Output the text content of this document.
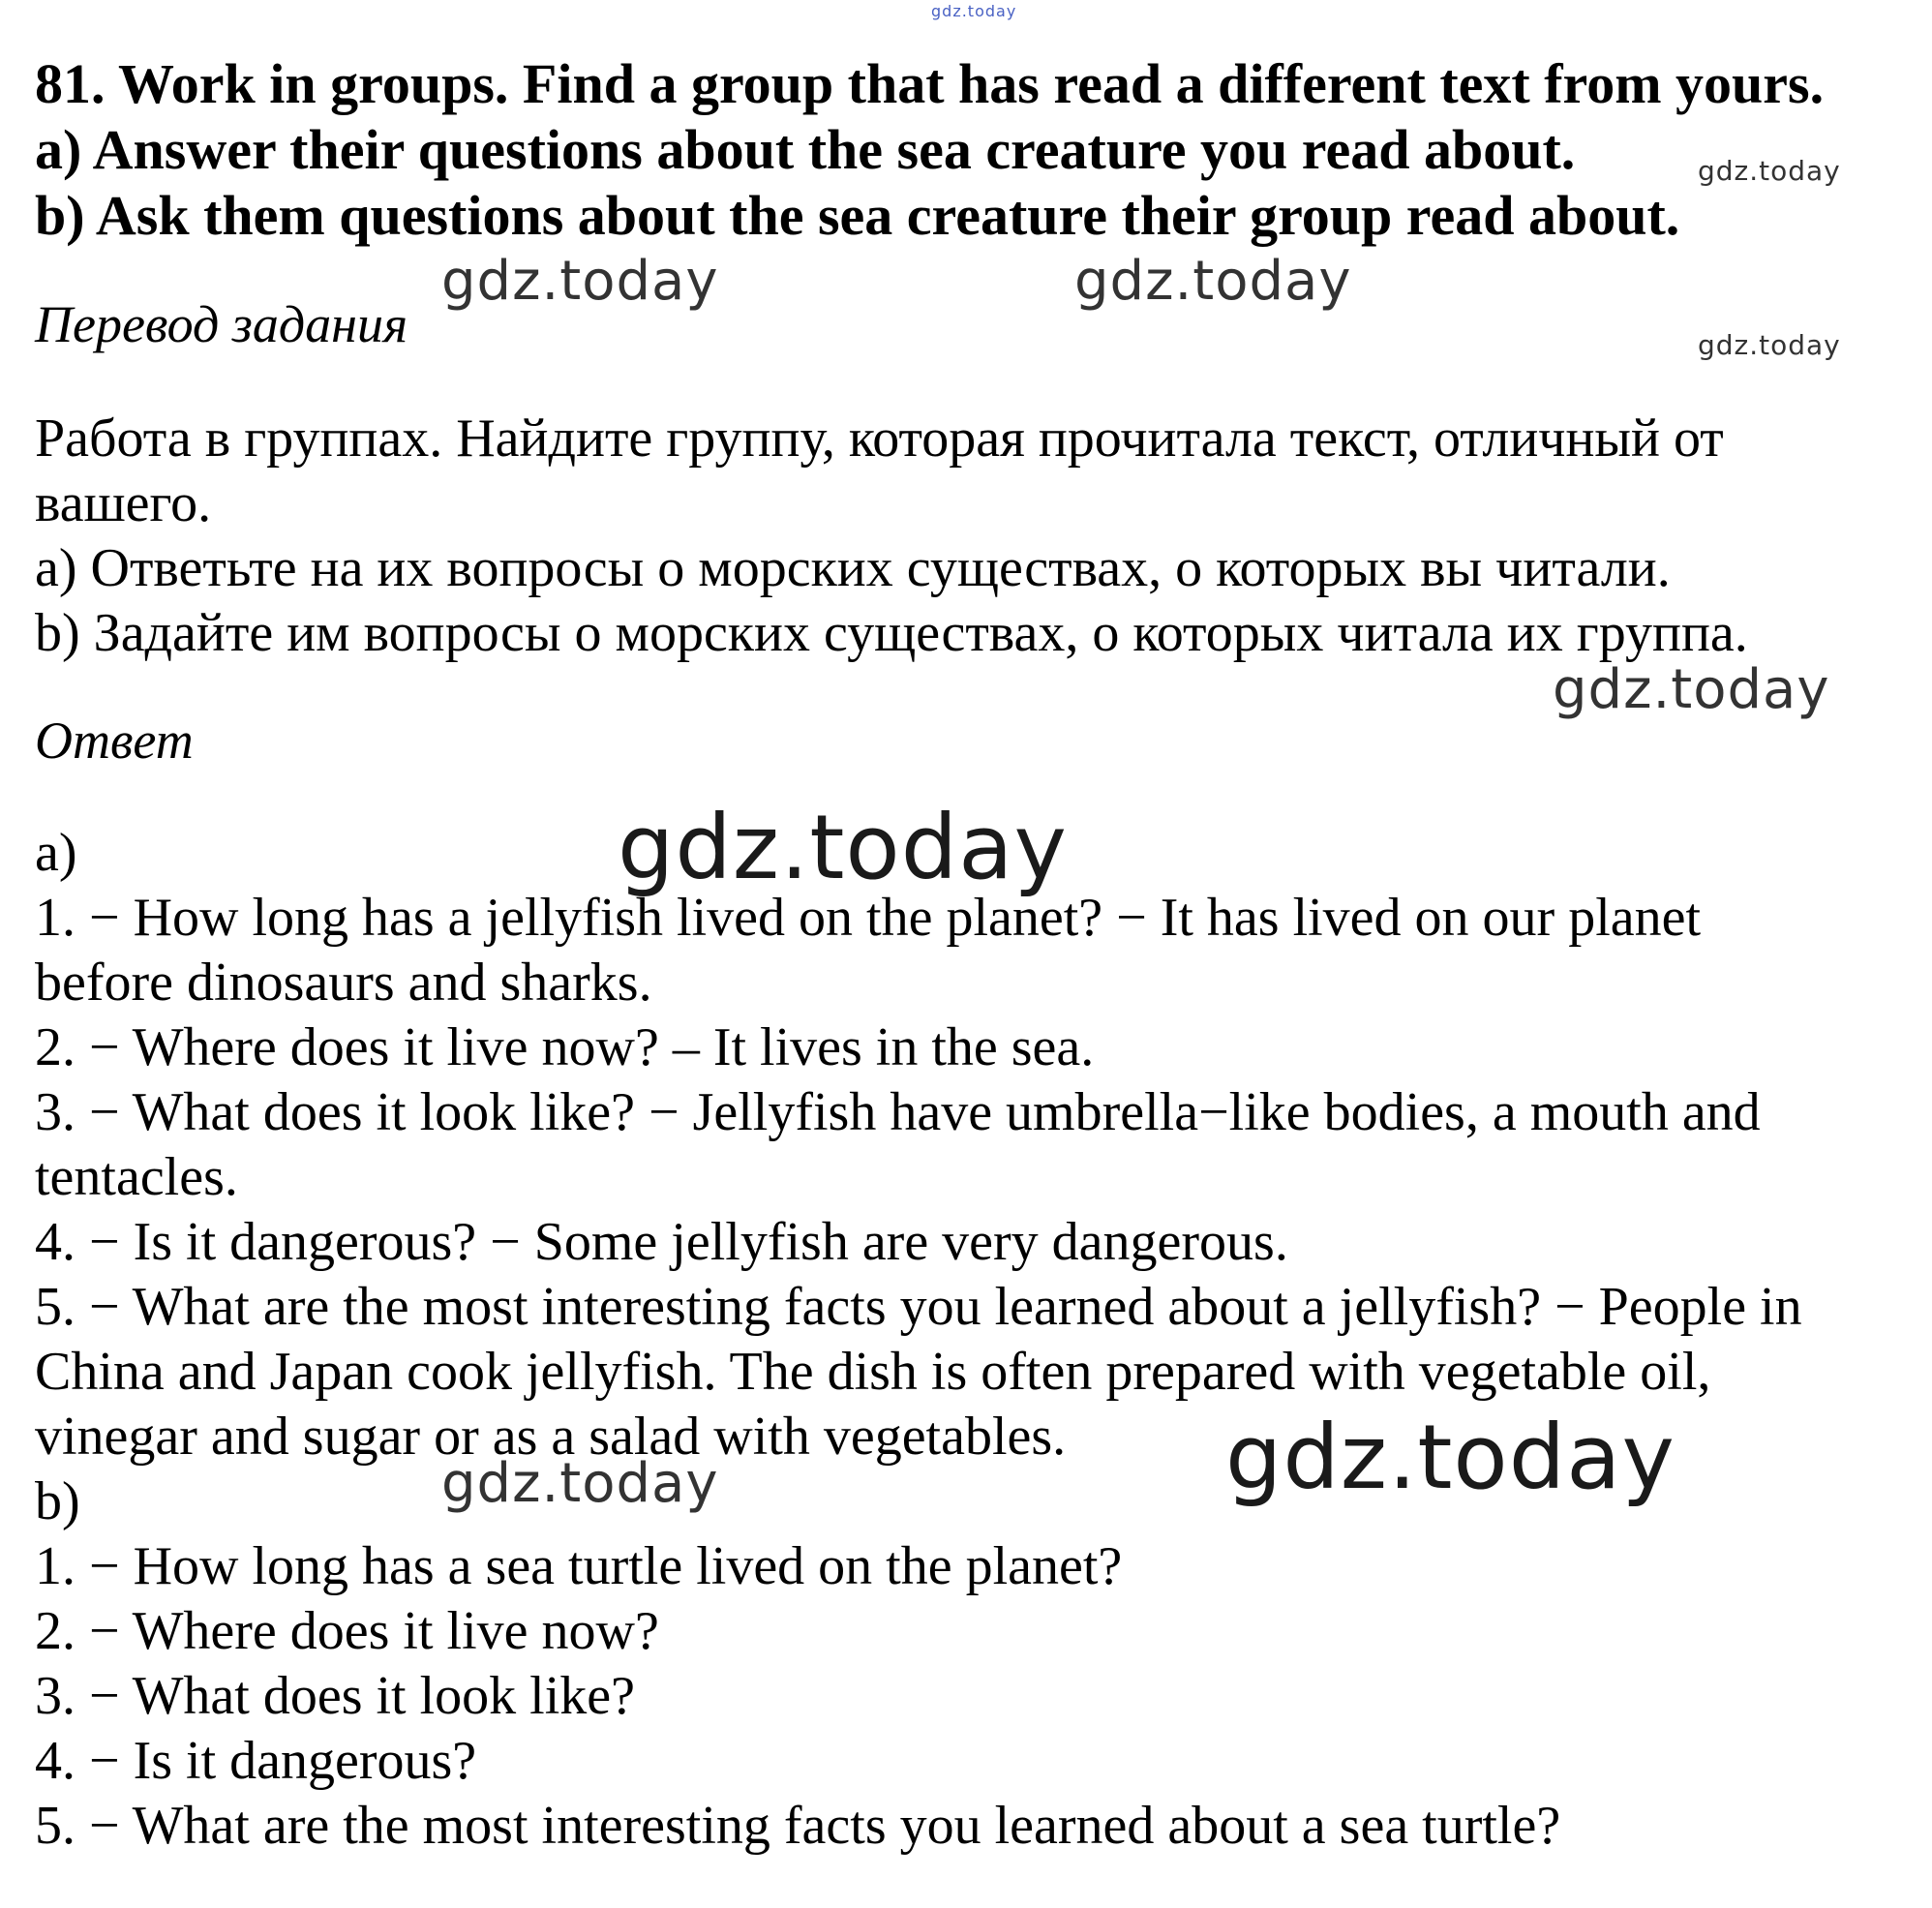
gdz.today
gdz.today
gdz.today	gdz.today
gdz.today
gdz.today
gdz.today
gdz.today
gdz.today
81. Work in groups. Find a group that has read a different text from yours.
a) Answer their questions about the sea creature you read about.
b) Ask them questions about the sea creature their group read about.
Перевод задания
Работа в группах. Найдите группу, которая прочитала текст, отличный от
вашего.
а) Ответьте на их вопросы о морских существах, о которых вы читали.
b) Задайте им вопросы о морских существах, о которых читала их группа.
Ответ
a)
1. − How long has a jellyfish lived on the planet? − It has lived on our planet
before dinosaurs and sharks.
2. − Where does it live now? – It lives in the sea.
3. − What does it look like? − Jellyfish have umbrella−like bodies, a mouth and
tentacles.
4. − Is it dangerous? − Some jellyfish are very dangerous.
5. − What are the most interesting facts you learned about a jellyfish? − People in
China and Japan cook jellyfish. The dish is often prepared with vegetable oil,
vinegar and sugar or as a salad with vegetables.
b)
1. − How long has a sea turtle lived on the planet?
2. − Where does it live now?
3. − What does it look like?
4. − Is it dangerous?
5. − What are the most interesting facts you learned about a sea turtle?
